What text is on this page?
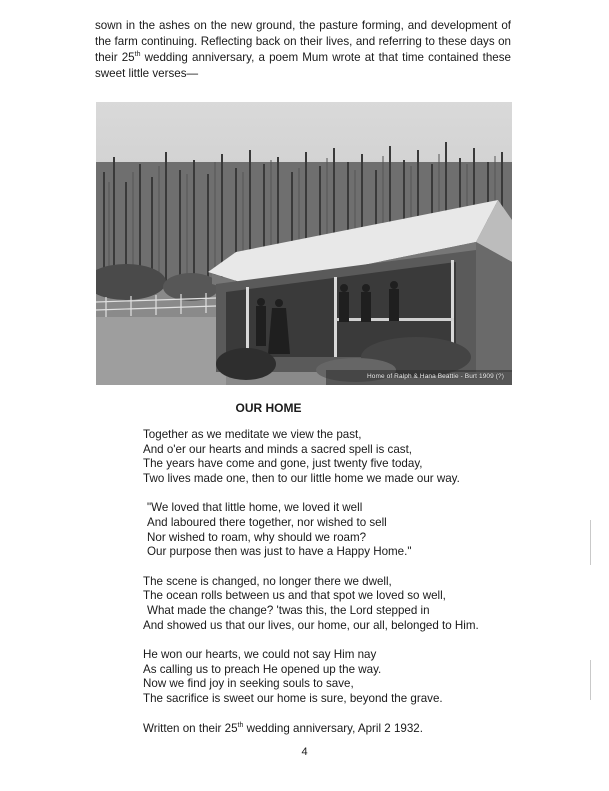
sown in the ashes on the new ground, the pasture forming, and development of the farm continuing. Reflecting back on their lives, and referring to these days on their 25th wedding anniversary, a poem Mum wrote at that time contained these sweet little verses—

Home of Ralph & Hana Beattie - Burt 1909 (?)
OUR HOME
Together as we meditate we view the past,
And o'er our hearts and minds a sacred spell is cast,
The years have come and gone, just twenty five today,
Two lives made one, then to our little home we made our way.
"We loved that little home, we loved it well
And laboured there together, nor wished to sell
Nor wished to roam, why should we roam?
Our purpose then was just to have a Happy Home."
The scene is changed, no longer there we dwell,
The ocean rolls between us and that spot we loved so well,
What made the change? 'twas this, the Lord stepped in
And showed us that our lives, our home, our all, belonged to Him.
He won our hearts, we could not say Him nay
As calling us to preach He opened up the way.
Now we find joy in seeking souls to save,
The sacrifice is sweet our home is sure, beyond the grave.
Written on their 25th wedding anniversary, April 2 1932.
4
